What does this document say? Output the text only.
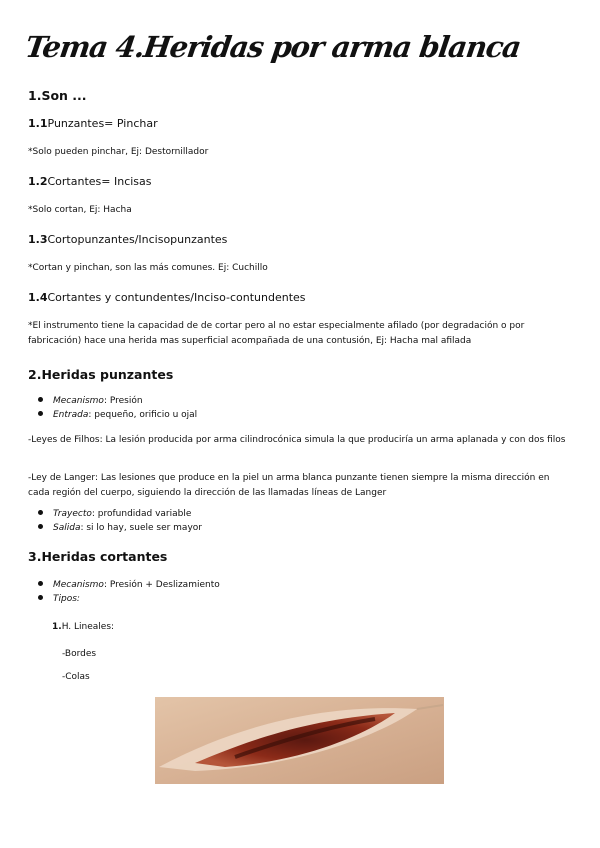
Tema 4.Heridas por arma blanca
1.Son ...
1.1Punzantes= Pinchar
*Solo pueden pinchar, Ej: Destornillador
1.2Cortantes= Incisas
*Solo cortan, Ej: Hacha
1.3Cortopunzantes/Incisopunzantes
*Cortan y pinchan, son las más comunes. Ej: Cuchillo
1.4Cortantes y contundentes/Inciso-contundentes
*El instrumento tiene la capacidad de de cortar pero al no estar especialmente afilado (por degradación o por fabricación) hace una herida mas superficial acompañada de una contusión, Ej: Hacha mal afilada
2.Heridas punzantes
Mecanismo: Presión
Entrada: pequeño, orificio u ojal
-Leyes de Filhos: La lesión producida por arma cilindrocónica simula la que produciría un arma aplanada y con dos filos
-Ley de Langer: Las lesiones que produce en la piel un arma blanca punzante tienen siempre la misma dirección en cada región del cuerpo, siguiendo la dirección de las llamadas líneas de Langer
Trayecto: profundidad variable
Salida: si lo hay, suele ser mayor
3.Heridas cortantes
Mecanismo: Presión + Deslizamiento
Tipos:
1.H. Lineales:
-Bordes
-Colas
